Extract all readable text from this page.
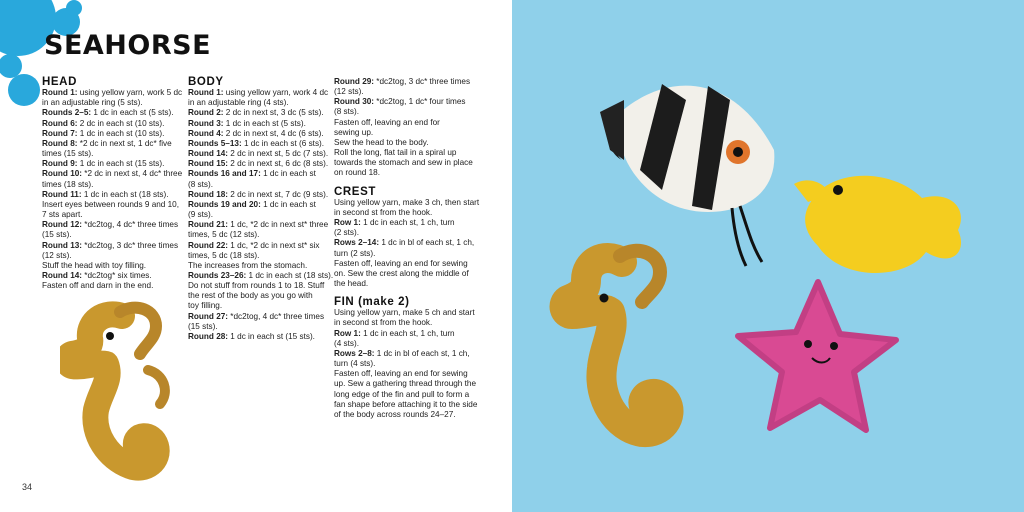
SEAHORSE
HEAD

Round 1: using yellow yarn, work 5 dc

in an adjustable ring (5 sts).

Rounds 2–5: 1 dc in each st (5 sts).

Round 6: 2 dc in each st (10 sts).

Round 7: 1 dc in each st (10 sts).

Round 8: *2 dc in next st, 1 dc* five

times (15 sts).

Round 9: 1 dc in each st (15 sts).

Round 10: *2 dc in next st, 4 dc* three

times (18 sts).

Round 11: 1 dc in each st (18 sts).

Insert eyes between rounds 9 and 10,

7 sts apart.

Round 12: *dc2tog, 4 dc* three times

(15 sts).

Round 13: *dc2tog, 3 dc* three times

(12 sts).

Stuff the head with toy filling.

Round 14: *dc2tog* six times.

Fasten off and darn in the end.

BODY

Round 1: using yellow yarn, work 4 dc

in an adjustable ring (4 sts).

Round 2: 2 dc in next st, 3 dc (5 sts).

Round 3: 1 dc in each st (5 sts).

Round 4: 2 dc in next st, 4 dc (6 sts).

Rounds 5–13: 1 dc in each st (6 sts).

Round 14: 2 dc in next st, 5 dc (7 sts).

Round 15: 2 dc in next st, 6 dc (8 sts).

Rounds 16 and 17: 1 dc in each st

(8 sts).

Round 18: 2 dc in next st, 7 dc (9 sts).

Rounds 19 and 20: 1 dc in each st

(9 sts).

Round 21: 1 dc, *2 dc in next st* three

times, 5 dc (12 sts).

Round 22: 1 dc, *2 dc in next st* six

times, 5 dc (18 sts).

The increases from the stomach.

Rounds 23–26: 1 dc in each st (18 sts).

Do not stuff from rounds 1 to 18. Stuff

the rest of the body as you go with

toy filling.

Round 27: *dc2tog, 4 dc* three times

(15 sts).

Round 28: 1 dc in each st (15 sts).

Round 29: *dc2tog, 3 dc* three times

(12 sts).

Round 30: *dc2tog, 1 dc* four times

(8 sts).

Fasten off, leaving an end for

sewing up.

Sew the head to the body.

Roll the long, flat tail in a spiral up

towards the stomach and sew in place

on round 18.

CREST

Using yellow yarn, make 3 ch, then start

in second st from the hook.

Row 1: 1 dc in each st, 1 ch, turn

(2 sts).

Rows 2–14: 1 dc in bl of each st, 1 ch,

turn (2 sts).

Fasten off, leaving an end for sewing

on. Sew the crest along the middle of

the head.

FIN (make 2)

Using yellow yarn, make 5 ch and start

in second st from the hook.

Row 1: 1 dc in each st, 1 ch, turn

(4 sts).

Rows 2–8: 1 dc in bl of each st, 1 ch,

turn (4 sts).

Fasten off, leaving an end for sewing

up. Sew a gathering thread through the

long edge of the fin and pull to form a

fan shape before attaching it to the side

of the body across rounds 24–27.

34
